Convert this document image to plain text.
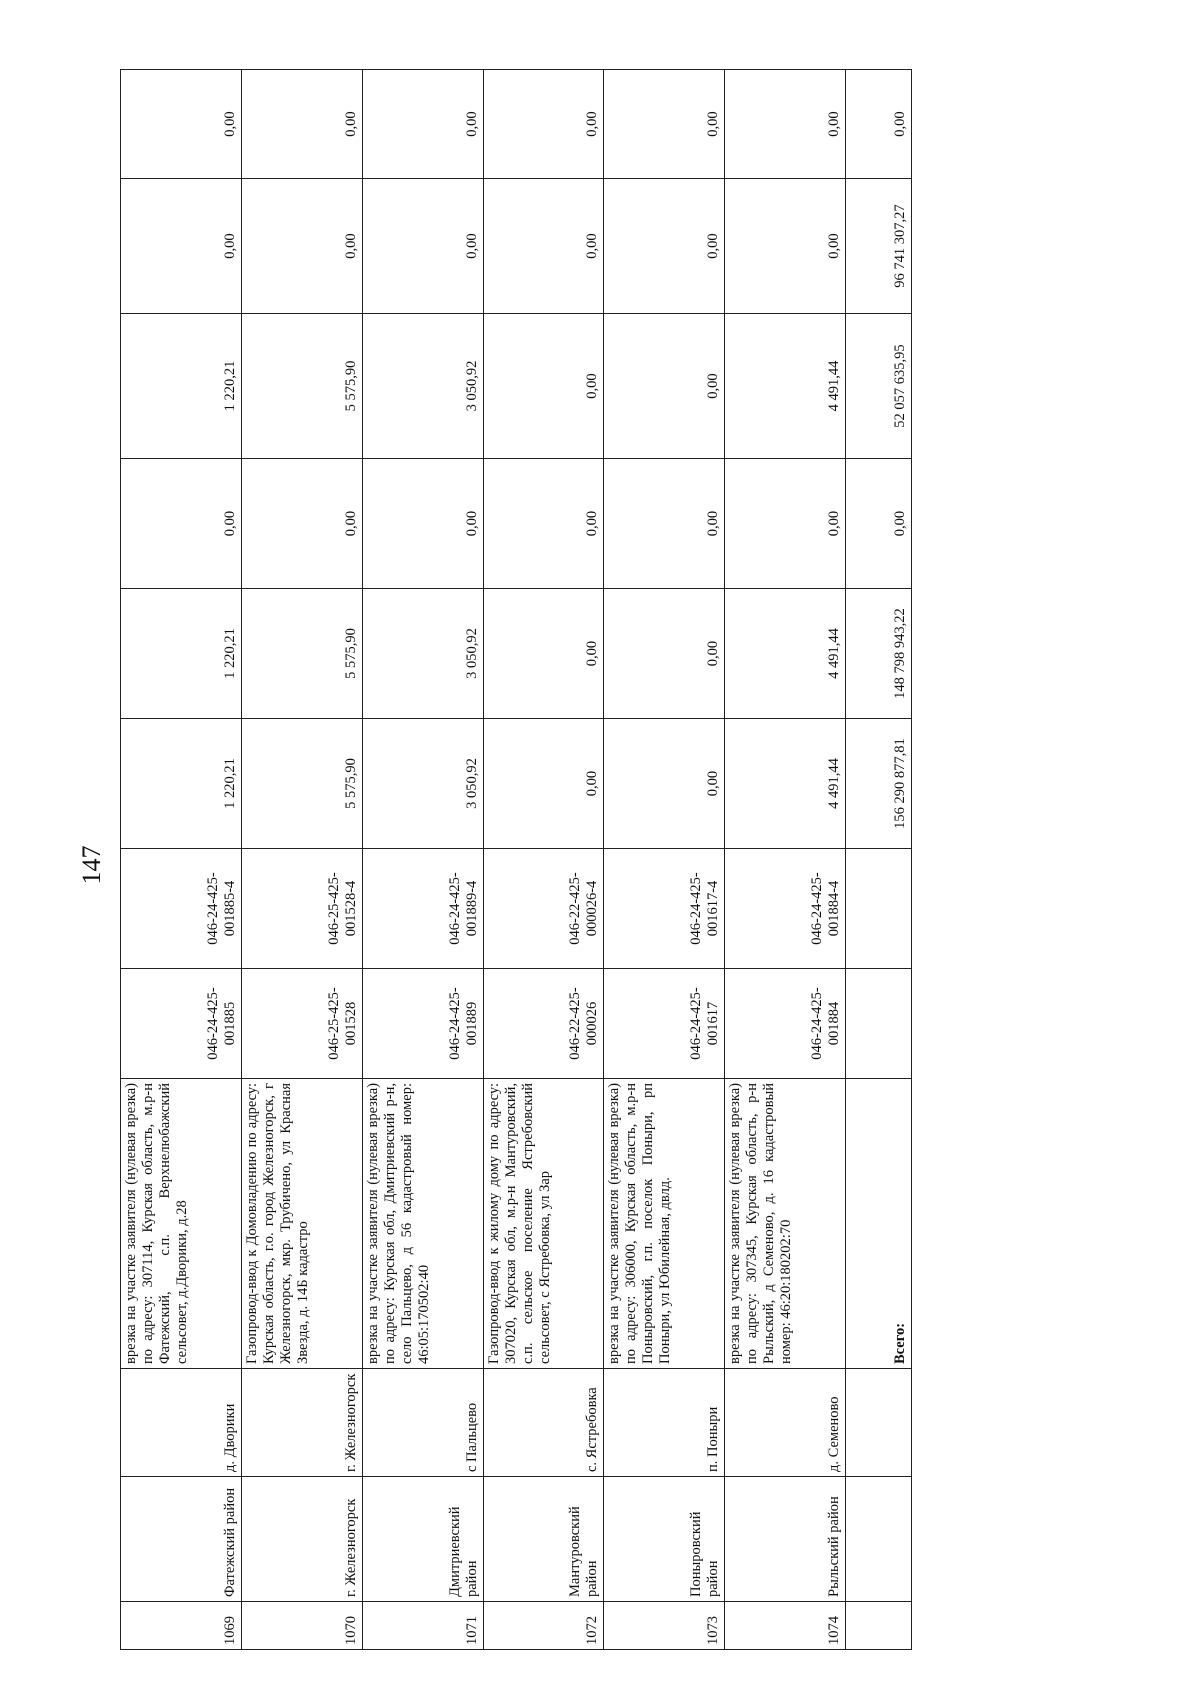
147
1069	Фатежский район	д. Дворики	врезка на участке заявителя (нулевая врезка) по адресу: 307114, Курская область, м.р-н Фатежский, с.п. Верхнелюбажский сельсовет, д.Дворики, д.28	046-24-425-001885	046-24-425-001885-4	1 220,21	1 220,21	0,00	1 220,21	0,00	0,00
1070	г. Железногорск	г. Железногорск	Газопровод-ввод к Домовладению по адресу: Курская область, г.о. город Железногорск, г Железногорск, мкр. Трубичено, ул Красная Звезда, д. 14Б кадастро	046-25-425-001528	046-25-425-001528-4	5 575,90	5 575,90	0,00	5 575,90	0,00	0,00
1071	Дмитриевский район	с Пальцево	врезка на участке заявителя (нулевая врезка) по адресу: Курская обл, Дмитриевский р-н, село Пальцево, д 56 кадастровый номер: 46:05:170502:40	046-24-425-001889	046-24-425-001889-4	3 050,92	3 050,92	0,00	3 050,92	0,00	0,00
1072	Мантуровский район	с. Ястребовка	Газопровод-ввод к жилому дому по адресу: 307020, Курская обл, м.р-н Мантуровский, с.п. сельское поселение Ястребовский сельсовет, с Ястребовка, ул Зар	046-22-425-000026	046-22-425-000026-4	0,00	0,00	0,00	0,00	0,00	0,00
1073	Поныровский район	п. Поныри	врезка на участке заявителя (нулевая врезка) по адресу: 306000, Курская область, м.р-н Поныровский, г.п. поселок Поныри, рп Поныри, ул Юбилейная, двлд.	046-24-425-001617	046-24-425-001617-4	0,00	0,00	0,00	0,00	0,00	0,00
1074	Рыльский район	д. Семеново	врезка на участке заявителя (нулевая врезка) по адресу: 307345, Курская область, р-н Рыльский, д Семеново, д. 16 кадастровый номер: 46:20:180202:70	046-24-425-001884	046-24-425-001884-4	4 491,44	4 491,44	0,00	4 491,44	0,00	0,00
			Всего:			156 290 877,81	148 798 943,22	0,00	52 057 635,95	96 741 307,27	0,00
